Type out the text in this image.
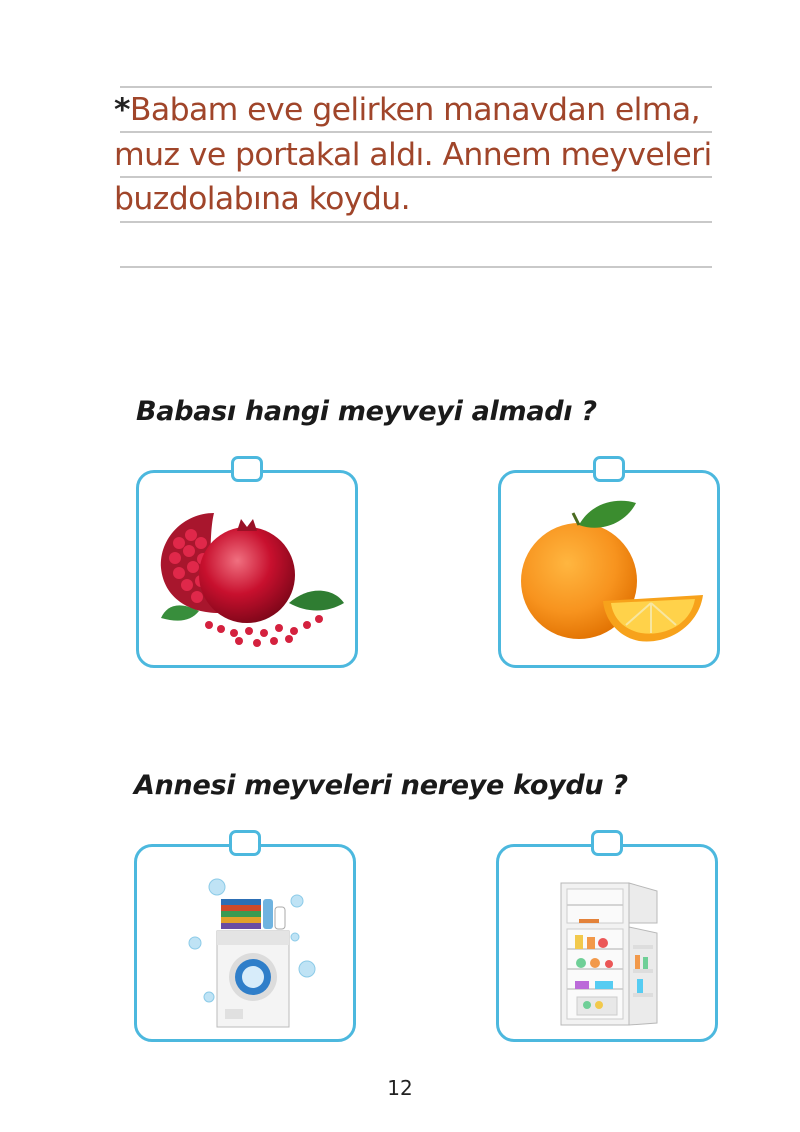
*Babam eve gelirken manavdan elma,
muz ve portakal aldı. Annem meyveleri
buzdolabına koydu.

Babası hangi meyveyi almadı ?
Annesi meyveleri nereye koydu ?
12
